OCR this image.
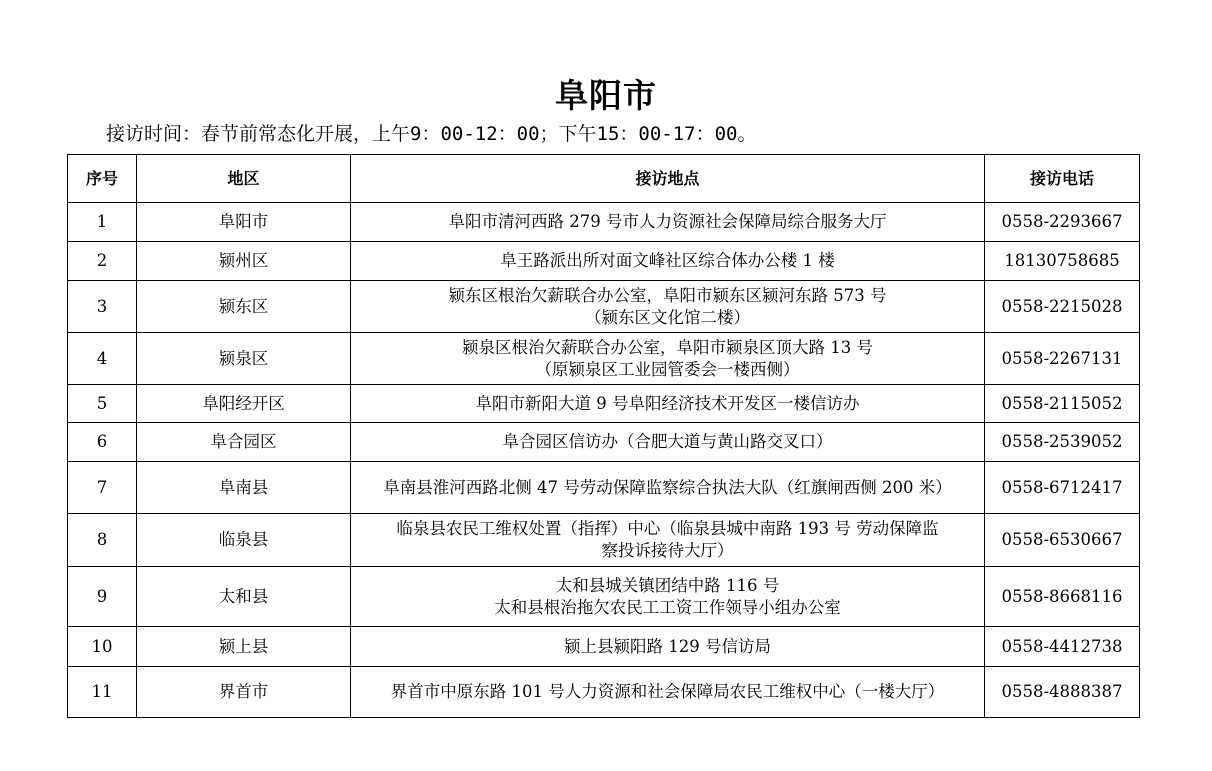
阜阳市
接访时间：春节前常态化开展，上午9：00-12：00；下午15：00-17：00。
序号	地区	接访地点	接访电话
1	阜阳市	阜阳市清河西路 279 号市人力资源社会保障局综合服务大厅	0558-2293667
2	颍州区	阜王路派出所对面文峰社区综合体办公楼 1 楼	18130758685
3	颍东区	颍东区根治欠薪联合办公室，阜阳市颍东区颍河东路 573 号
（颍东区文化馆二楼）	0558-2215028
4	颍泉区	颍泉区根治欠薪联合办公室，阜阳市颍泉区顶大路 13 号
（原颍泉区工业园管委会一楼西侧）	0558-2267131
5	阜阳经开区	阜阳市新阳大道 9 号阜阳经济技术开发区一楼信访办	0558-2115052
6	阜合园区	阜合园区信访办（合肥大道与黄山路交叉口）	0558-2539052
7	阜南县	阜南县淮河西路北侧 47 号劳动保障监察综合执法大队（红旗闸西侧 200 米）	0558-6712417
8	临泉县	临泉县农民工维权处置（指挥）中心（临泉县城中南路 193 号 劳动保障监
察投诉接待大厅）	0558-6530667
9	太和县	太和县城关镇团结中路 116 号
太和县根治拖欠农民工工资工作领导小组办公室	0558-8668116
10	颍上县	颍上县颍阳路 129 号信访局	0558-4412738
11	界首市	界首市中原东路 101 号人力资源和社会保障局农民工维权中心（一楼大厅）	0558-4888387
